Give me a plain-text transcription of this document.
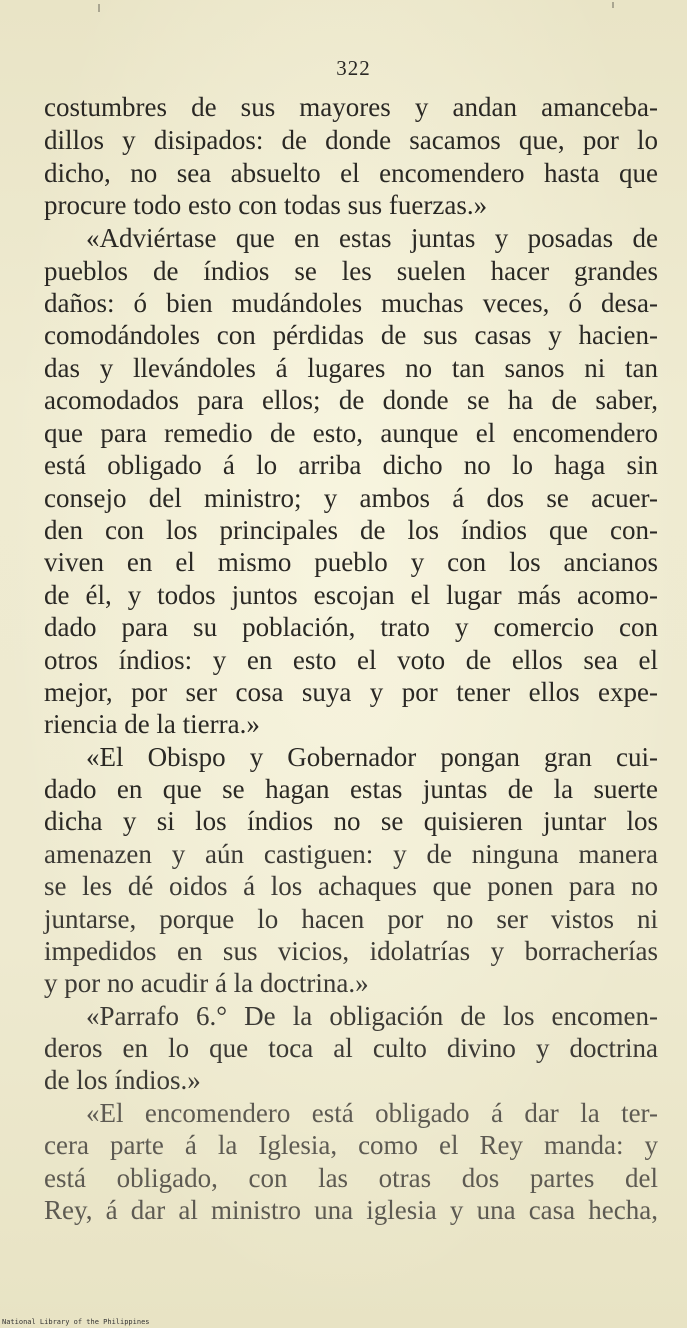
322
costumbres de sus mayores y andan amanceba-
dillos y disipados: de donde sacamos que, por lo
dicho, no sea absuelto el encomendero hasta que
procure todo esto con todas sus fuerzas.»
«Adviértase que en estas juntas y posadas de
pueblos de índios se les suelen hacer grandes
daños: ó bien mudándoles muchas veces, ó desa-
comodándoles con pérdidas de sus casas y hacien-
das y llevándoles á lugares no tan sanos ni tan
acomodados para ellos; de donde se ha de saber,
que para remedio de esto, aunque el encomendero
está obligado á lo arriba dicho no lo haga sin
consejo del ministro; y ambos á dos se acuer-
den con los principales de los índios que con-
viven en el mismo pueblo y con los ancianos
de él, y todos juntos escojan el lugar más acomo-
dado para su población, trato y comercio con
otros índios: y en esto el voto de ellos sea el
mejor, por ser cosa suya y por tener ellos expe-
riencia de la tierra.»
«El Obispo y Gobernador pongan gran cui-
dado en que se hagan estas juntas de la suerte
dicha y si los índios no se quisieren juntar los
amenazen y aún castiguen: y de ninguna manera
se les dé oidos á los achaques que ponen para no
juntarse, porque lo hacen por no ser vistos ni
impedidos en sus vicios, idolatrías y borracherías
y por no acudir á la doctrina.»
«Parrafo 6.° De la obligación de los encomen-
deros en lo que toca al culto divino y doctrina
de los índios.»
«El encomendero está obligado á dar la ter-
cera parte á la Iglesia, como el Rey manda: y
está obligado, con las otras dos partes del
Rey, á dar al ministro una iglesia y una casa hecha,
National Library of the Philippines
